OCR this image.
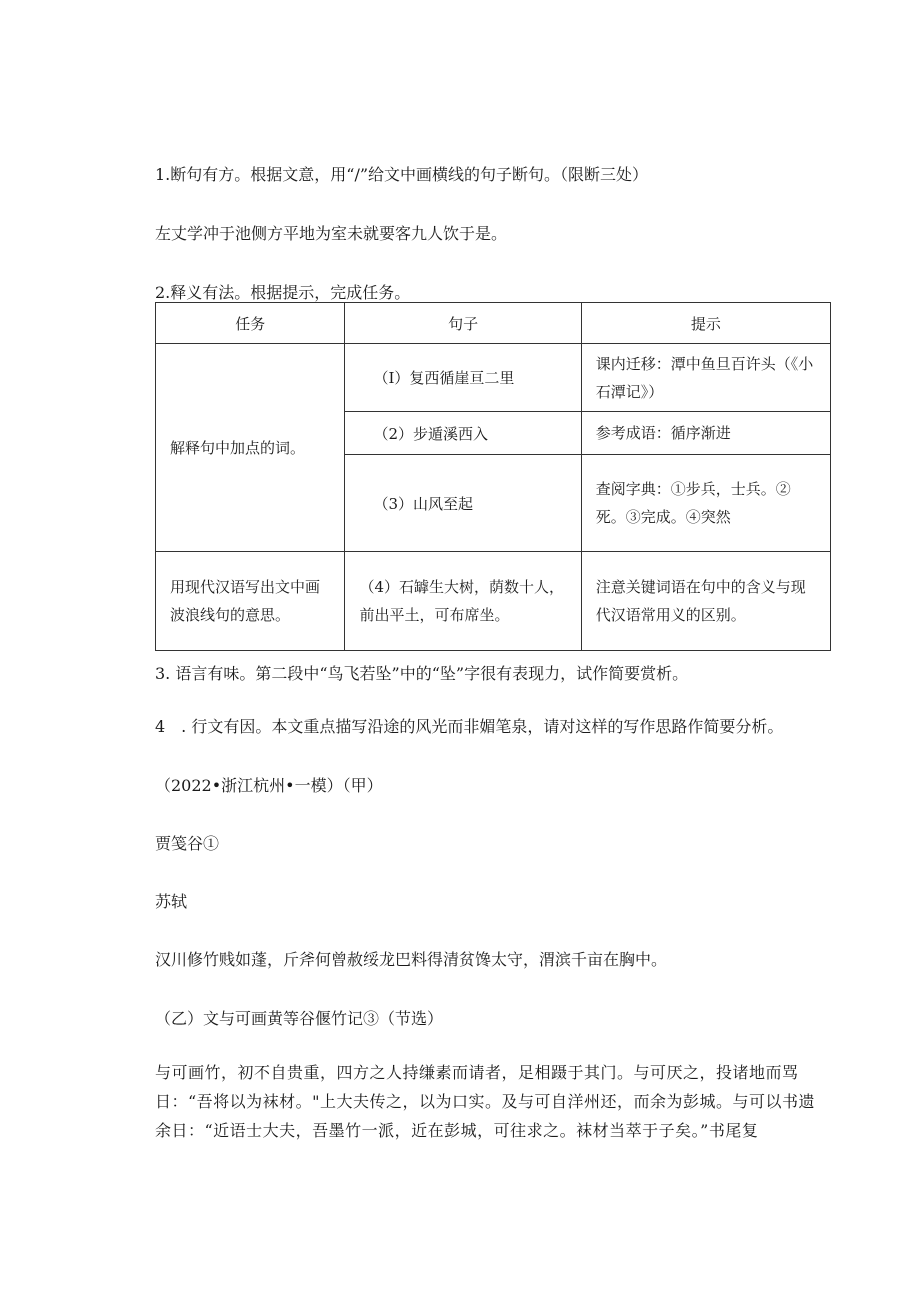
1.断句有方。根据文意，用“/”给文中画横线的句子断句。（限断三处）
左丈学冲于池侧方平地为室未就要客九人饮于是。
2.释义有法。根据提示，完成任务。
任务	句子	提示
解释句中加点的词。	（I）复西循崖亘二里	课内迁移：潭中鱼旦百许头（《小石潭记》）
	（2）步遁溪西入	参考成语：循序渐进
	（3）山风至起	查阅字典：①步兵，士兵。②死。③完成。④突然
用现代汉语写出文中画波浪线句的意思。	（4）石罅生大树，荫数十人，前出平土，可布席坐。	注意关键词语在句中的含义与现代汉语常用义的区别。
3. 语言有味。第二段中“鸟飞若坠”中的“坠”字很有表现力，试作简要赏析。
4　. 行文有因。本文重点描写沿途的风光而非媚笔泉，请对这样的写作思路作简要分析。
（2022•浙江杭州•一模）（甲）
贾笺谷①
苏轼
汉川修竹贱如蓬，斤斧何曾赦绥龙巴料得清贫馋太守，渭滨千亩在胸中。
（乙）文与可画黄等谷偃竹记③（节选）
与可画竹，初不自贵重，四方之人持缣素而请者，足相蹑于其门。与可厌之，投诸地而骂日：“吾将以为袜材。"上大夫传之，以为口实。及与可自洋州还，而余为彭城。与可以书遗余日：“近语士大夫，吾墨竹一派，近在彭城，可往求之。袜材当萃于子矣。”书尾复
